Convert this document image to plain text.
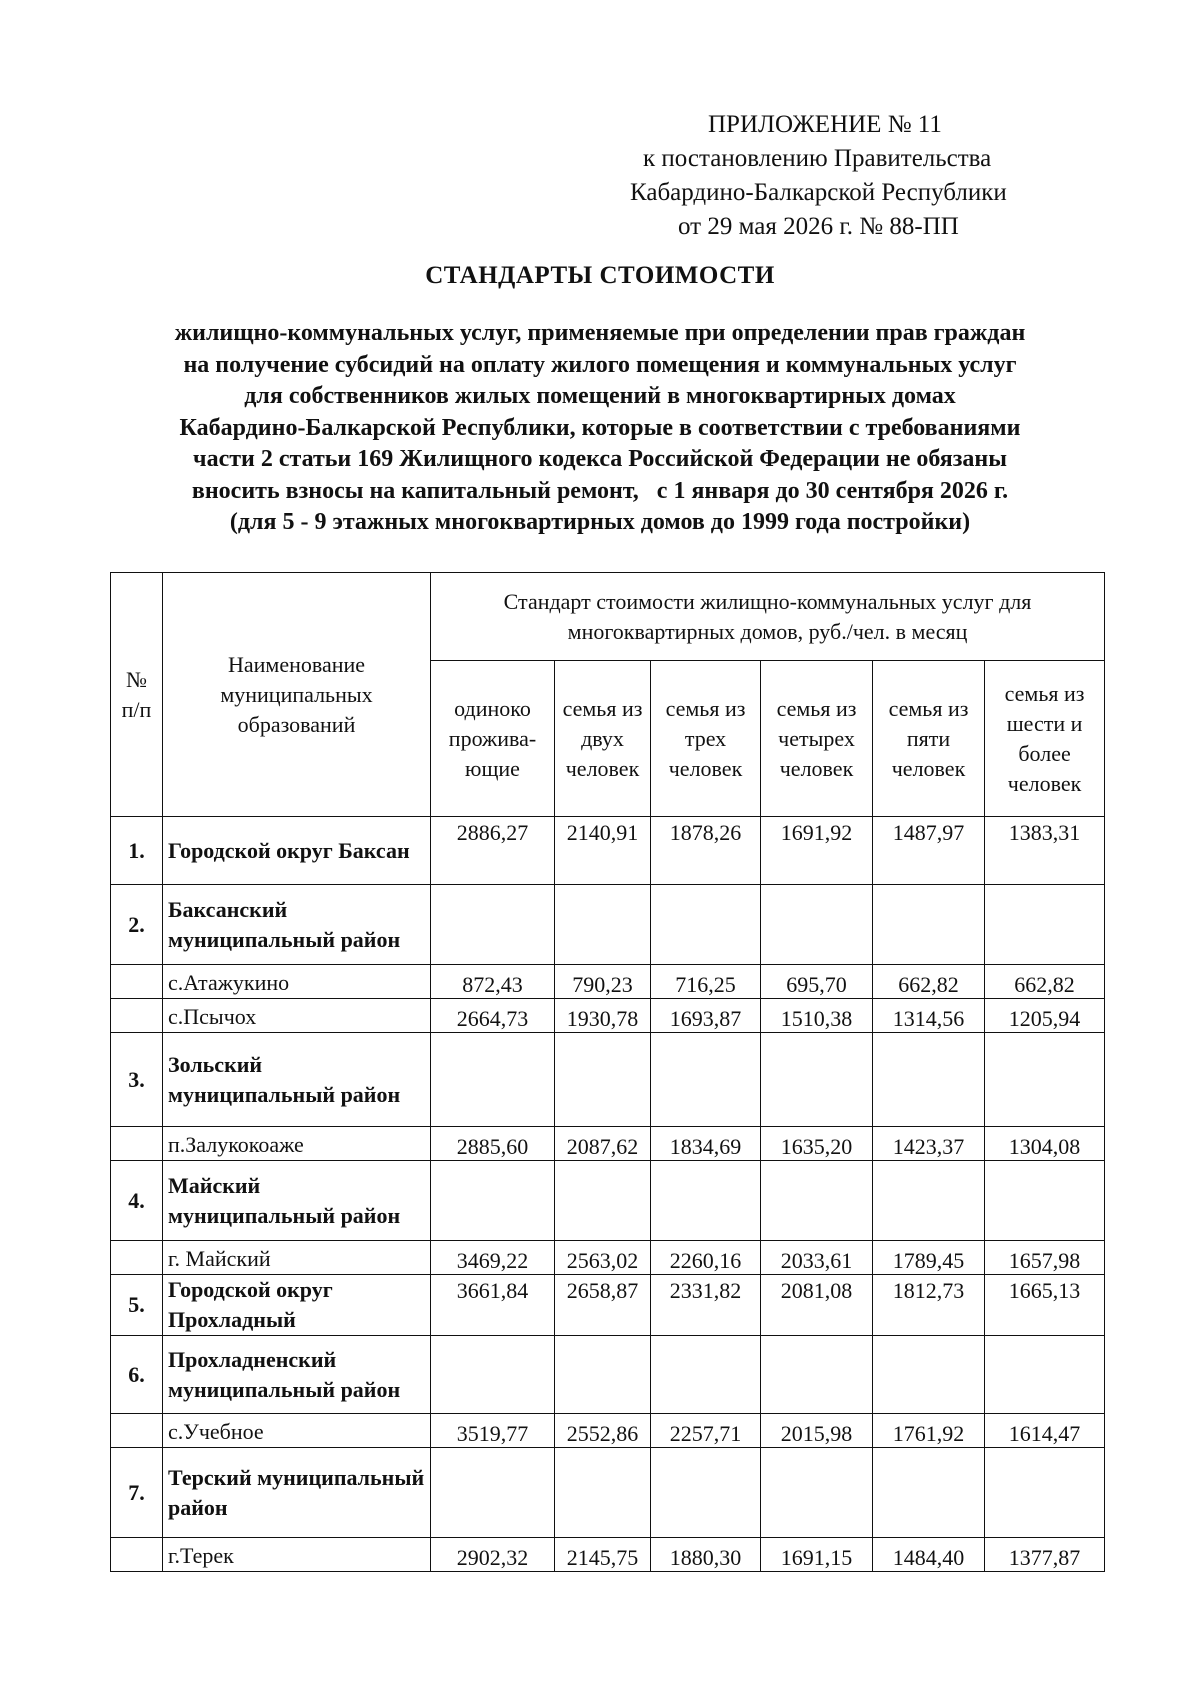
ПРИЛОЖЕНИЕ № 11
к постановлению Правительства
Кабардино-Балкарской Республики
от 29 мая 2026 г. № 88-ПП
СТАНДАРТЫ СТОИМОСТИ
жилищно-коммунальных услуг, применяемые при определении прав граждан
на получение субсидий на оплату жилого помещения и коммунальных услуг
для собственников жилых помещений в многоквартирных домах
Кабардино-Балкарской Республики, которые в соответствии с требованиями
части 2 статьи 169 Жилищного кодекса Российской Федерации не обязаны
вносить взносы на капитальный ремонт,   с 1 января до 30 сентября 2026 г.
(для 5 - 9 этажных многоквартирных домов до 1999 года постройки)
№ п/п	Наименование муниципальных образований	Стандарт стоимости жилищно-коммунальных услуг для многоквартирных домов, руб./чел. в месяц					
		одиноко прожива-ющие	семья из двух человек	семья из трех человек	семья из четырех человек	семья из пяти человек	семья из шести и более человек
1.	Городской округ Баксан	2886,27	2140,91	1878,26	1691,92	1487,97	1383,31
2.	Баксанский муниципальный район						
	с.Атажукино	872,43	790,23	716,25	695,70	662,82	662,82
	с.Псычох	2664,73	1930,78	1693,87	1510,38	1314,56	1205,94
3.	Зольский муниципальный район						
	п.Залукокоаже	2885,60	2087,62	1834,69	1635,20	1423,37	1304,08
4.	Майский муниципальный район						
	г. Майский	3469,22	2563,02	2260,16	2033,61	1789,45	1657,98
5.	Городской округ Прохладный	3661,84	2658,87	2331,82	2081,08	1812,73	1665,13
6.	Прохладненский муниципальный район						
	с.Учебное	3519,77	2552,86	2257,71	2015,98	1761,92	1614,47
7.	Терский муниципальный район						
	г.Терек	2902,32	2145,75	1880,30	1691,15	1484,40	1377,87
